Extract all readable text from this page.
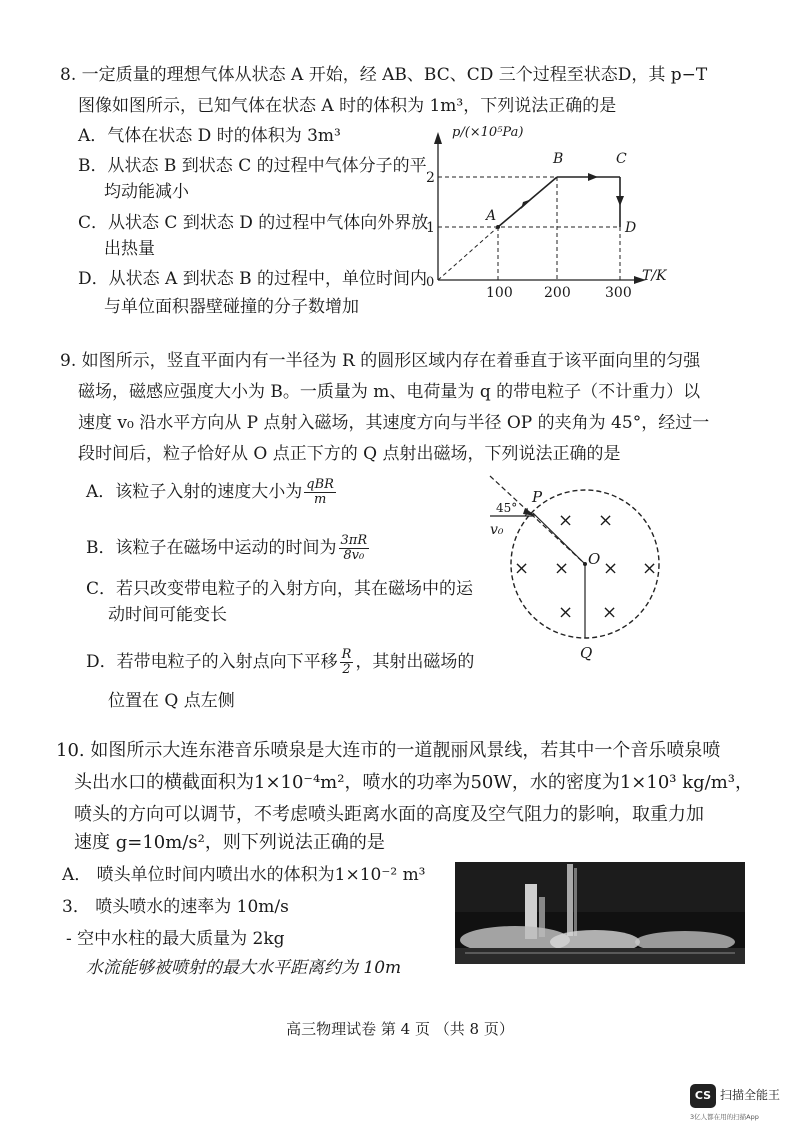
8. 一定质量的理想气体从状态 A 开始，经 AB、BC、CD 三个过程至状态D，其 p−T
图像如图所示，已知气体在状态 A 时的体积为 1m³，下列说法正确的是
A．气体在状态 D 时的体积为 3m³
B．从状态 B 到状态 C 的过程中气体分子的平
均动能减小
C．从状态 C 到状态 D 的过程中气体向外界放
出热量
D．从状态 A 到状态 B 的过程中，单位时间内
与单位面积器壁碰撞的分子数增加
p/(×10⁵Pa)
T/K
0
100 200 300
1
2
A
B	C
D
9. 如图所示，竖直平面内有一半径为 R 的圆形区域内存在着垂直于该平面向里的匀强
磁场，磁感应强度大小为 B。一质量为 m、电荷量为 q 的带电粒子（不计重力）以
速度 v₀ 沿水平方向从 P 点射入磁场，其速度方向与半径 OP 的夹角为 45°，经过一
段时间后，粒子恰好从 O 点正下方的 Q 点射出磁场，下列说法正确的是
A．该粒子入射的速度大小为 $\frac{\text{qBR}}{m}$
B．该粒子在磁场中运动的时间为 $\frac{3\pi R}{\text{8v₀}}$
C．若只改变带电粒子的入射方向，其在磁场中的运
动时间可能变长
D．若带电粒子的入射点向下平移 $\frac{R}{2}$ ，其射出磁场的
位置在 Q 点左侧
45°
P
v₀
O
Q
× ×
× × × ×
× ×
10. 如图所示大连东港音乐喷泉是大连市的一道靓丽风景线，若其中一个音乐喷泉喷
头出水口的横截面积为1×10⁻⁴m²，喷水的功率为50W，水的密度为1×10³ kg/m³，
喷头的方向可以调节，不考虑喷头距离水面的高度及空气阻力的影响，取重力加
速度 g=10m/s²，则下列说法正确的是
A． 喷头单位时间内喷出水的体积为1×10⁻² m³
3． 喷头喷水的速率为 10m/s
- 空中水柱的最大质量为 2kg
水流能够被喷射的最大水平距离约为 10m
高三物理试卷 第 4 页 （共 8 页）
CS 扫描全能王
3亿人都在用的扫描App
